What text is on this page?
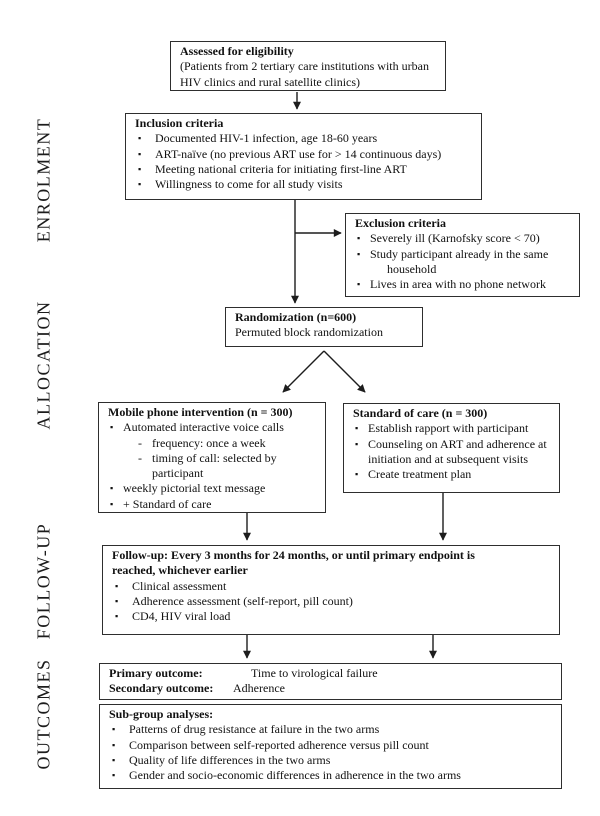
ENROLMENT
ALLOCATION
FOLLOW-UP
OUTCOMES
Assessed for eligibility
(Patients from 2 tertiary care institutions with urban HIV clinics and rural satellite clinics)
Inclusion criteria
▪	Documented HIV-1 infection, age 18-60 years
▪	ART-naïve (no previous ART use for > 14 continuous days)
▪	Meeting national criteria for initiating first-line ART
▪	Willingness to come for all study visits
Exclusion criteria
▪ Severely ill (Karnofsky score < 70)
▪ Study participant already in the same household
▪ Lives in area with no phone network
Randomization (n=600)
Permuted block randomization
Mobile phone intervention (n = 300)
▪ Automated interactive voice calls
- frequency: once a week
- timing of call: selected by participant
▪ weekly pictorial text message
▪ + Standard of care
Standard of care (n = 300)
▪ Establish rapport with participant
▪ Counseling on ART and adherence at initiation and at subsequent visits
▪ Create treatment plan
Follow-up: Every 3 months for 24 months, or until primary endpoint is reached, whichever earlier
▪	Clinical assessment
▪	Adherence assessment (self-report, pill count)
▪	CD4, HIV viral load
Primary outcome:	Time to virological failure
Secondary outcome: Adherence
Sub-group analyses:
▪	Patterns of drug resistance at failure in the two arms
▪	Comparison between self-reported adherence versus pill count
▪	Quality of life differences in the two arms
▪	Gender and socio-economic differences in adherence in the two arms
